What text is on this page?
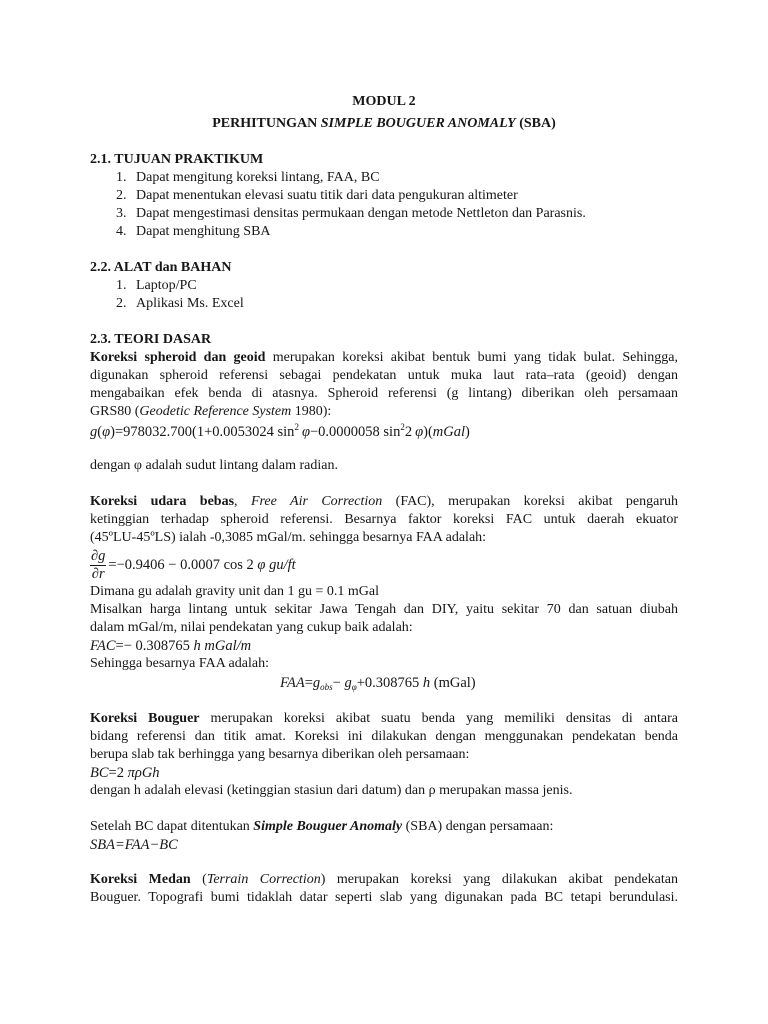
MODUL 2
PERHITUNGAN SIMPLE BOUGUER ANOMALY (SBA)
2.1. TUJUAN PRAKTIKUM
1. Dapat mengitung koreksi lintang, FAA, BC
2. Dapat menentukan elevasi suatu titik dari data pengukuran altimeter
3. Dapat mengestimasi densitas permukaan dengan metode Nettleton dan Parasnis.
4. Dapat menghitung SBA
2.2. ALAT dan BAHAN
1. Laptop/PC
2. Aplikasi Ms. Excel
2.3. TEORI DASAR
Koreksi spheroid dan geoid merupakan koreksi akibat bentuk bumi yang tidak bulat. Sehingga,
digunakan spheroid referensi sebagai pendekatan untuk muka laut rata–rata (geoid) dengan
mengabaikan efek benda di atasnya. Spheroid referensi (g lintang) diberikan oleh persamaan
GRS80 (Geodetic Reference System 1980):
g(φ)=978032.700(1+0.0053024 $\sin^2 \varphi-0.0000058$ $\sin^22$ φ)(mGal)
dengan φ adalah sudut lintang dalam radian.
Koreksi udara bebas, Free Air Correction (FAC), merupakan koreksi akibat pengaruh
ketinggian terhadap spheroid referensi. Besarnya faktor koreksi FAC untuk daerah ekuator
(45ºLU-45ºLS) ialah -0,3085 mGal/m. sehingga besarnya FAA adalah:
$\frac{\partial g}{\partial r} =-0.9406 - 0.0007$ cos 2 φ gu/ft
Dimana gu adalah gravity unit dan 1 gu = 0.1 mGal
Misalkan harga lintang untuk sekitar Jawa Tengah dan DIY, yaitu sekitar 70 dan satuan diubah
dalam mGal/m, nilai pendekatan yang cukup baik adalah:
FAC=− 0.308765 h mGal/m
Sehingga besarnya FAA adalah:
$FAA=g_{obs}- g_\varphi+0.308765$ h (mGal)
Koreksi Bouguer merupakan koreksi akibat suatu benda yang memiliki densitas di antara
bidang referensi dan titik amat. Koreksi ini dilakukan dengan menggunakan pendekatan benda
berupa slab tak berhingga yang besarnya diberikan oleh persamaan:
BC=2 πρGh
dengan h adalah elevasi (ketinggian stasiun dari datum) dan ρ merupakan massa jenis.
Setelah BC dapat ditentukan Simple Bouguer Anomaly (SBA) dengan persamaan:
SBA=FAA−BC
Koreksi Medan (Terrain Correction) merupakan koreksi yang dilakukan akibat pendekatan
Bouguer. Topografi bumi tidaklah datar seperti slab yang digunakan pada BC tetapi berundulasi.
